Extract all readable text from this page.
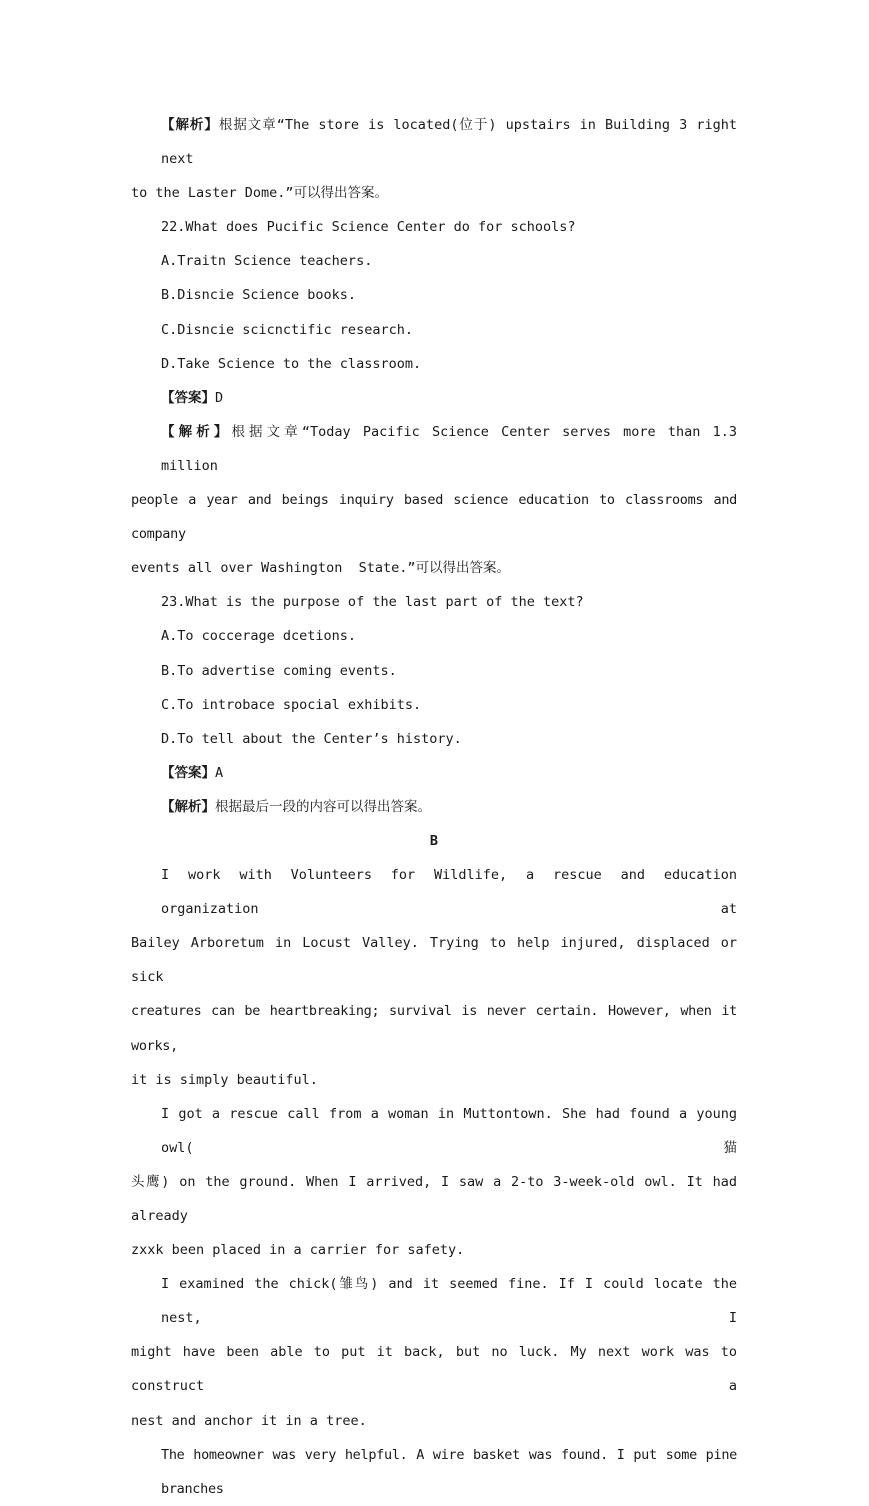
【解析】根据文章“The store is located(位于) upstairs in Building 3 right next
to the Laster Dome.”可以得出答案。
22.What does Pucific Science Center do for schools?
A.Traitn Science teachers.
B.Disncie Science books.
C.Disncie scicnctific research.
D.Take Science to the classroom.
【答案】D
【解析】根据文章“Today Pacific Science Center serves more than 1.3 million
people a year and beings inquiry based science education to classrooms and company
events all over Washington  State.”可以得出答案。
23.What is the purpose of the last part of the text?
A.To coccerage dcetions.
B.To advertise coming events.
C.To introbace spocial exhibits.
D.To tell about the Center’s history.
【答案】A
【解析】根据最后一段的内容可以得出答案。
B
I work with Volunteers for Wildlife, a rescue and education organization at
Bailey Arboretum in Locust Valley. Trying to help injured, displaced or sick
creatures can be heartbreaking; survival is never certain. However, when it works,
it is simply beautiful.
I got a rescue call from a woman in Muttontown. She had found a young owl(猫
头鹰) on the ground. When I arrived, I saw a 2-to 3-week-old owl. It had already
zxxk been placed in a carrier for safety.
I examined the chick(雏鸟) and it seemed fine. If I could locate the nest, I
might have been able to put it back, but no luck. My next work was to construct a
nest and anchor it in a tree.
The homeowner was very helpful. A wire basket was found. I put some pine branches
